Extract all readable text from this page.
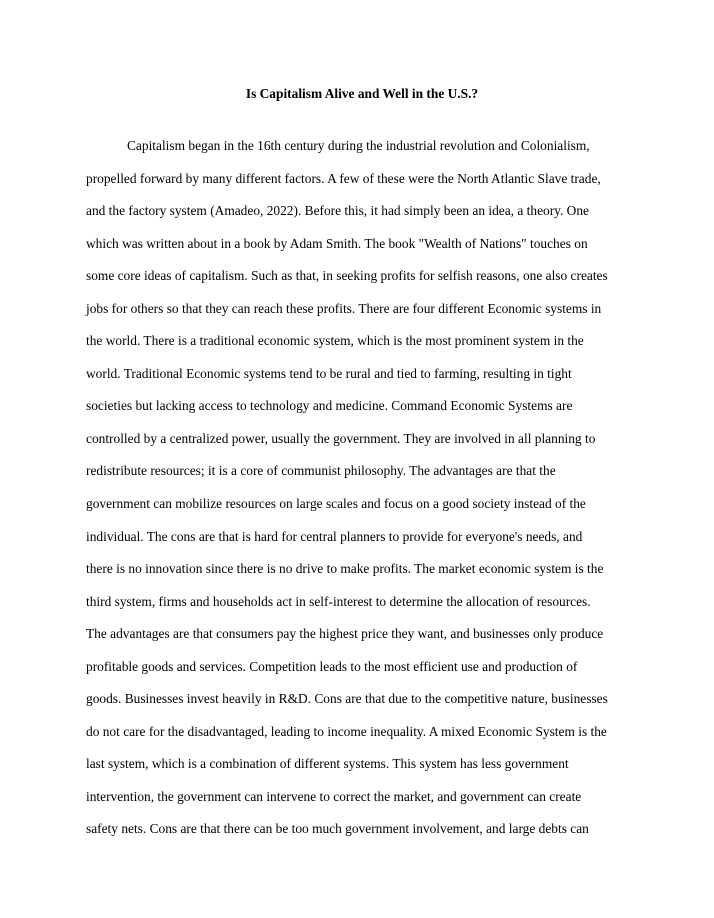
Is Capitalism Alive and Well in the U.S.?
Capitalism began in the 16th century during the industrial revolution and Colonialism,
propelled forward by many different factors. A few of these were the North Atlantic Slave trade,
and the factory system (Amadeo, 2022). Before this, it had simply been an idea, a theory. One
which was written about in a book by Adam Smith. The book "Wealth of Nations" touches on
some core ideas of capitalism. Such as that, in seeking profits for selfish reasons, one also creates
jobs for others so that they can reach these profits. There are four different Economic systems in
the world. There is a traditional economic system, which is the most prominent system in the
world. Traditional Economic systems tend to be rural and tied to farming, resulting in tight
societies but lacking access to technology and medicine. Command Economic Systems are
controlled by a centralized power, usually the government. They are involved in all planning to
redistribute resources; it is a core of communist philosophy. The advantages are that the
government can mobilize resources on large scales and focus on a good society instead of the
individual. The cons are that is hard for central planners to provide for everyone's needs, and
there is no innovation since there is no drive to make profits. The market economic system is the
third system, firms and households act in self-interest to determine the allocation of resources.
The advantages are that consumers pay the highest price they want, and businesses only produce
profitable goods and services. Competition leads to the most efficient use and production of
goods. Businesses invest heavily in R&D. Cons are that due to the competitive nature, businesses
do not care for the disadvantaged, leading to income inequality. A mixed Economic System is the
last system, which is a combination of different systems. This system has less government
intervention, the government can intervene to correct the market, and government can create
safety nets. Cons are that there can be too much government involvement, and large debts can
